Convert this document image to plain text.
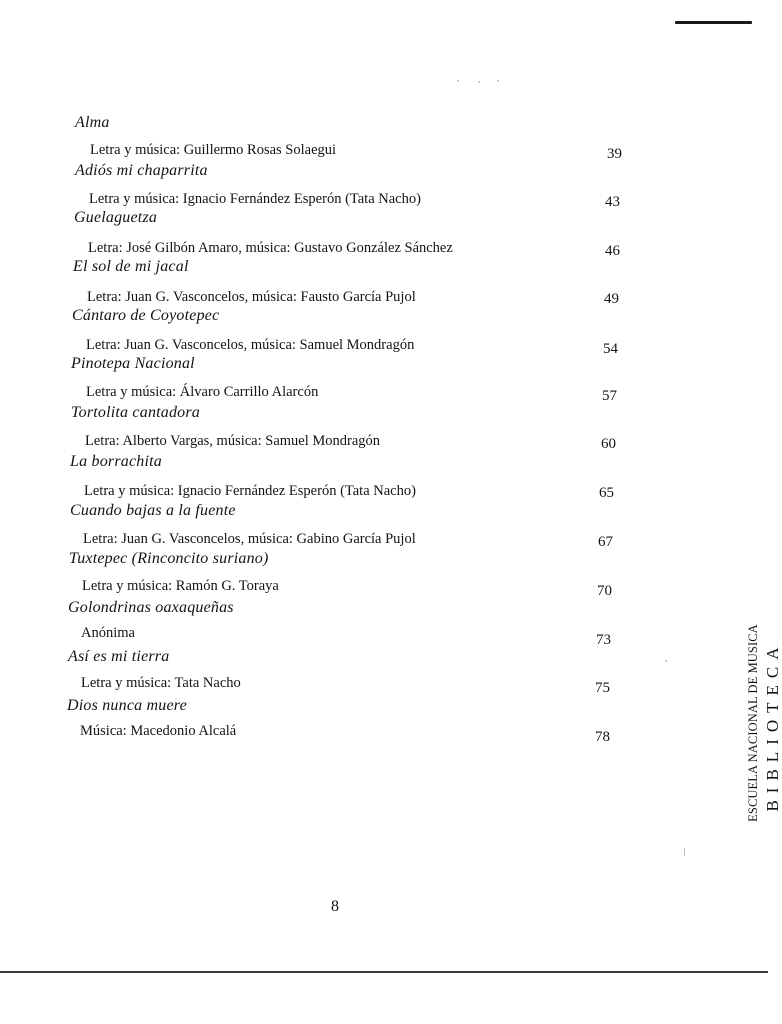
Alma
Letra y música: Guillermo Rosas Solaegui	39
Adiós mi chaparrita
Letra y música: Ignacio Fernández Esperón (Tata Nacho)	43
Guelaguetza
Letra: José Gilbón Amaro, música: Gustavo González Sánchez	46
El sol de mi jacal
Letra: Juan G. Vasconcelos, música: Fausto García Pujol	49
Cántaro de Coyotepec
Letra: Juan G. Vasconcelos, música: Samuel Mondragón	54
Pinotepa Nacional
Letra y música: Álvaro Carrillo Alarcón	57
Tortolita cantadora
Letra: Alberto Vargas, música: Samuel Mondragón	60
La borrachita
Letra y música: Ignacio Fernández Esperón (Tata Nacho)	65
Cuando bajas a la fuente
Letra: Juan G. Vasconcelos, música: Gabino García Pujol	67
Tuxtepec (Rinconcito suriano)
Letra y música: Ramón G. Toraya	70
Golondrinas oaxaqueñas
Anónima	73
Así es mi tierra
Letra y música: Tata Nacho	75
Dios nunca muere
Música: Macedonio Alcalá	78	ESCUELA NACIONAL DE MUSICA BIBLIOTECA
8
